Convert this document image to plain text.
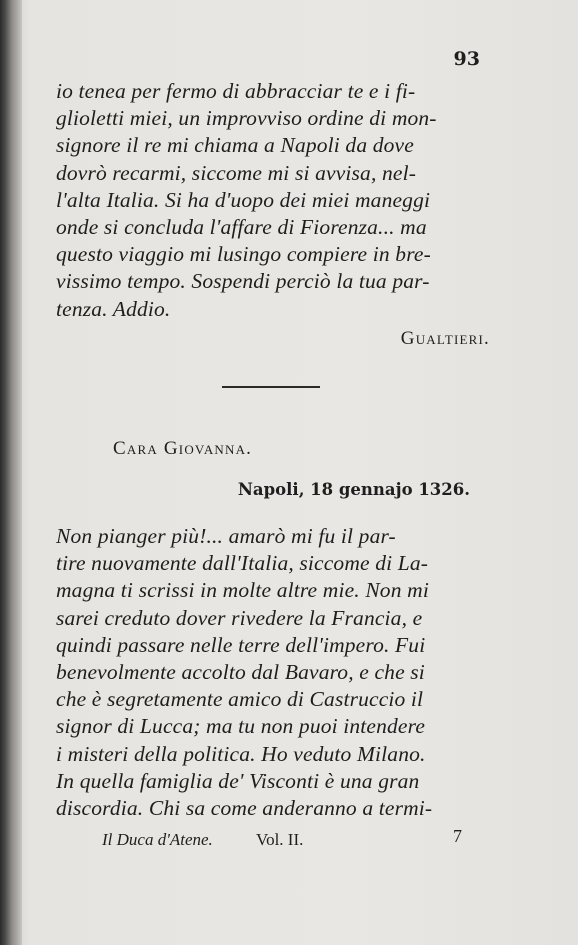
93
io tenea per fermo di abbracciar te e i fi-
glioletti miei, un improvviso ordine di mon-
signore il re mi chiama a Napoli da dove
dovrò recarmi, siccome mi si avvisa, nel-
l'alta Italia. Si ha d'uopo dei miei maneggi
onde si concluda l'affare di Fiorenza... ma
questo viaggio mi lusingo compiere in bre-
vissimo tempo. Sospendi perciò la tua par-
tenza. Addio.
Gualtieri.
Cara Giovanna.
Napoli, 18 gennajo 1326.
Non pianger più!... amarò mi fu il par-
tire nuovamente dall'Italia, siccome di La-
magna ti scrissi in molte altre mie. Non mi
sarei creduto dover rivedere la Francia, e
quindi passare nelle terre dell'impero. Fui
benevolmente accolto dal Bavaro, e che si
che è segretamente amico di Castruccio il
signor di Lucca; ma tu non puoi intendere
i misteri della politica. Ho veduto Milano.
In quella famiglia de' Visconti è una gran
discordia. Chi sa come anderanno a termi-
Il Duca d'Atene.	Vol. II.	7
